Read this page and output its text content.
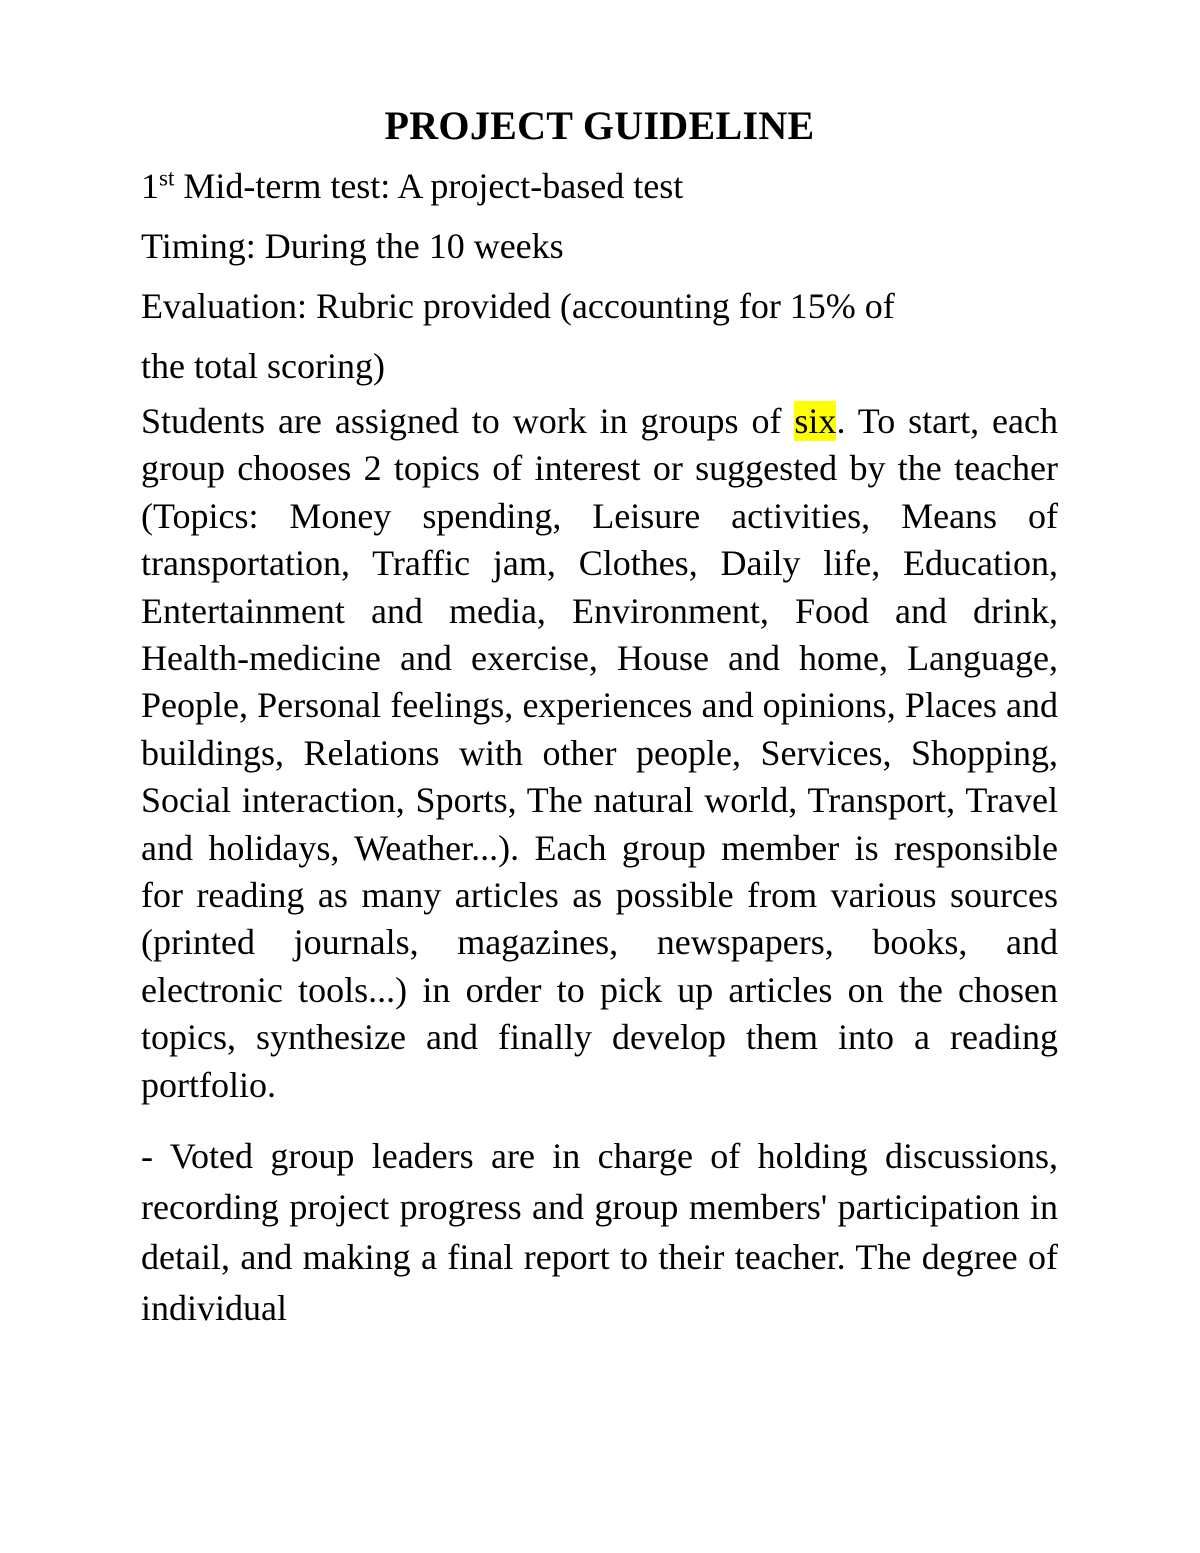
PROJECT GUIDELINE

1st Mid-term test: A project-based test

Timing: During the 10 weeks

Evaluation: Rubric provided (accounting for 15% of

the total scoring)

Students are assigned to work in groups of six. To start, each group chooses 2 topics of interest or suggested by the teacher (Topics: Money spending, Leisure activities, Means of transportation, Traffic jam, Clothes, Daily life, Education, Entertainment and media, Environment, Food and drink, Health-medicine and exercise, House and home, Language, People, Personal feelings, experiences and opinions, Places and buildings, Relations with other people, Services, Shopping, Social interaction, Sports, The natural world, Transport, Travel and holidays, Weather...). Each group member is responsible for reading as many articles as possible from various sources (printed journals, magazines, newspapers, books, and electronic tools...) in order to pick up articles on the chosen topics, synthesize and finally develop them into a reading portfolio.

- Voted group leaders are in charge of holding discussions, recording project progress and group members' participation in detail, and making a final report to their teacher. The degree of individual
